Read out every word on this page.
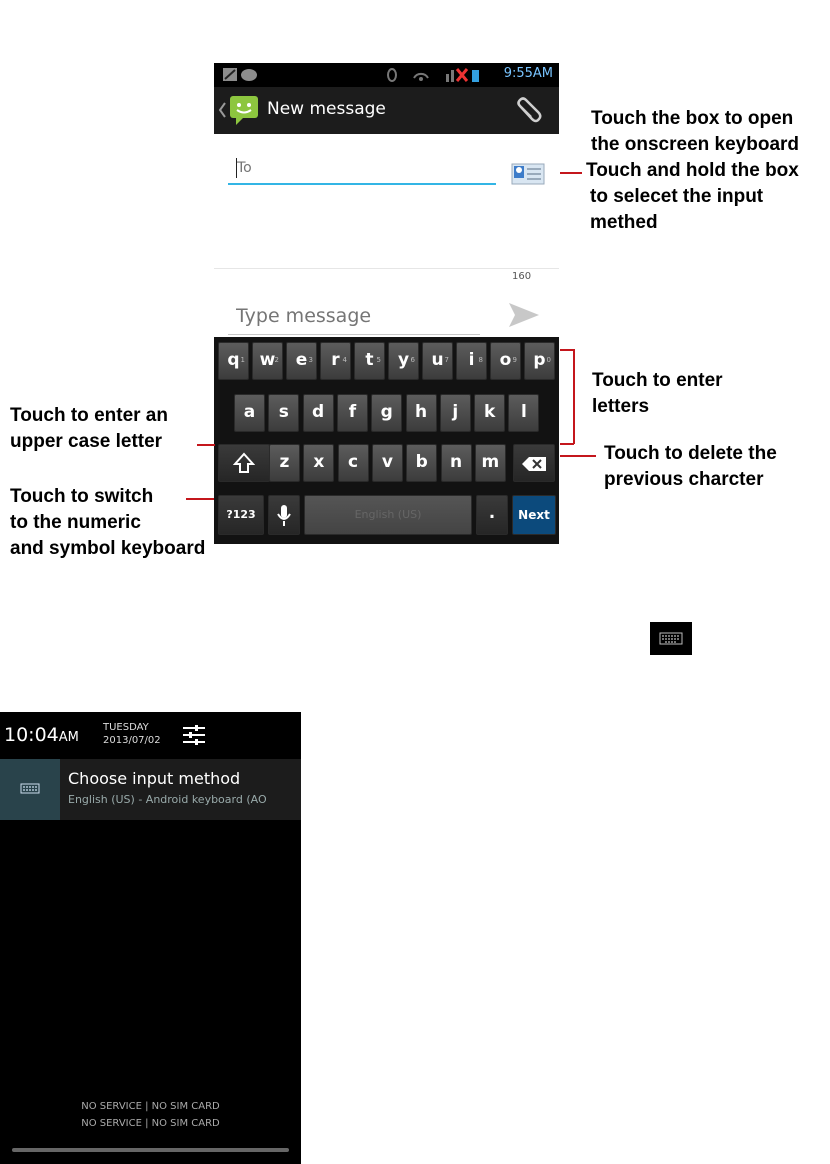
9:55AM
New message
To
160
Type message
q 1 w 2 e 3	r 4	t 5 y 6 u 7	i 8 o 9 p 0
a	s	d	f	g	h	j	k	l
z	x	c	v	b	n	m
?123	English (US)	.	Next
Touch the box to open
the onscreen keyboard
Touch and hold the box
to selecet the input
methed
Touch to enter
letters
Touch to delete the
previous charcter
Touch to enter an
upper case letter
Touch to switch
to the numeric
and symbol keyboard
10:04AM
TUESDAY
2013/07/02
Choose input method
English (US) - Android keyboard (AO
NO SERVICE | NO SIM CARD
NO SERVICE | NO SIM CARD
